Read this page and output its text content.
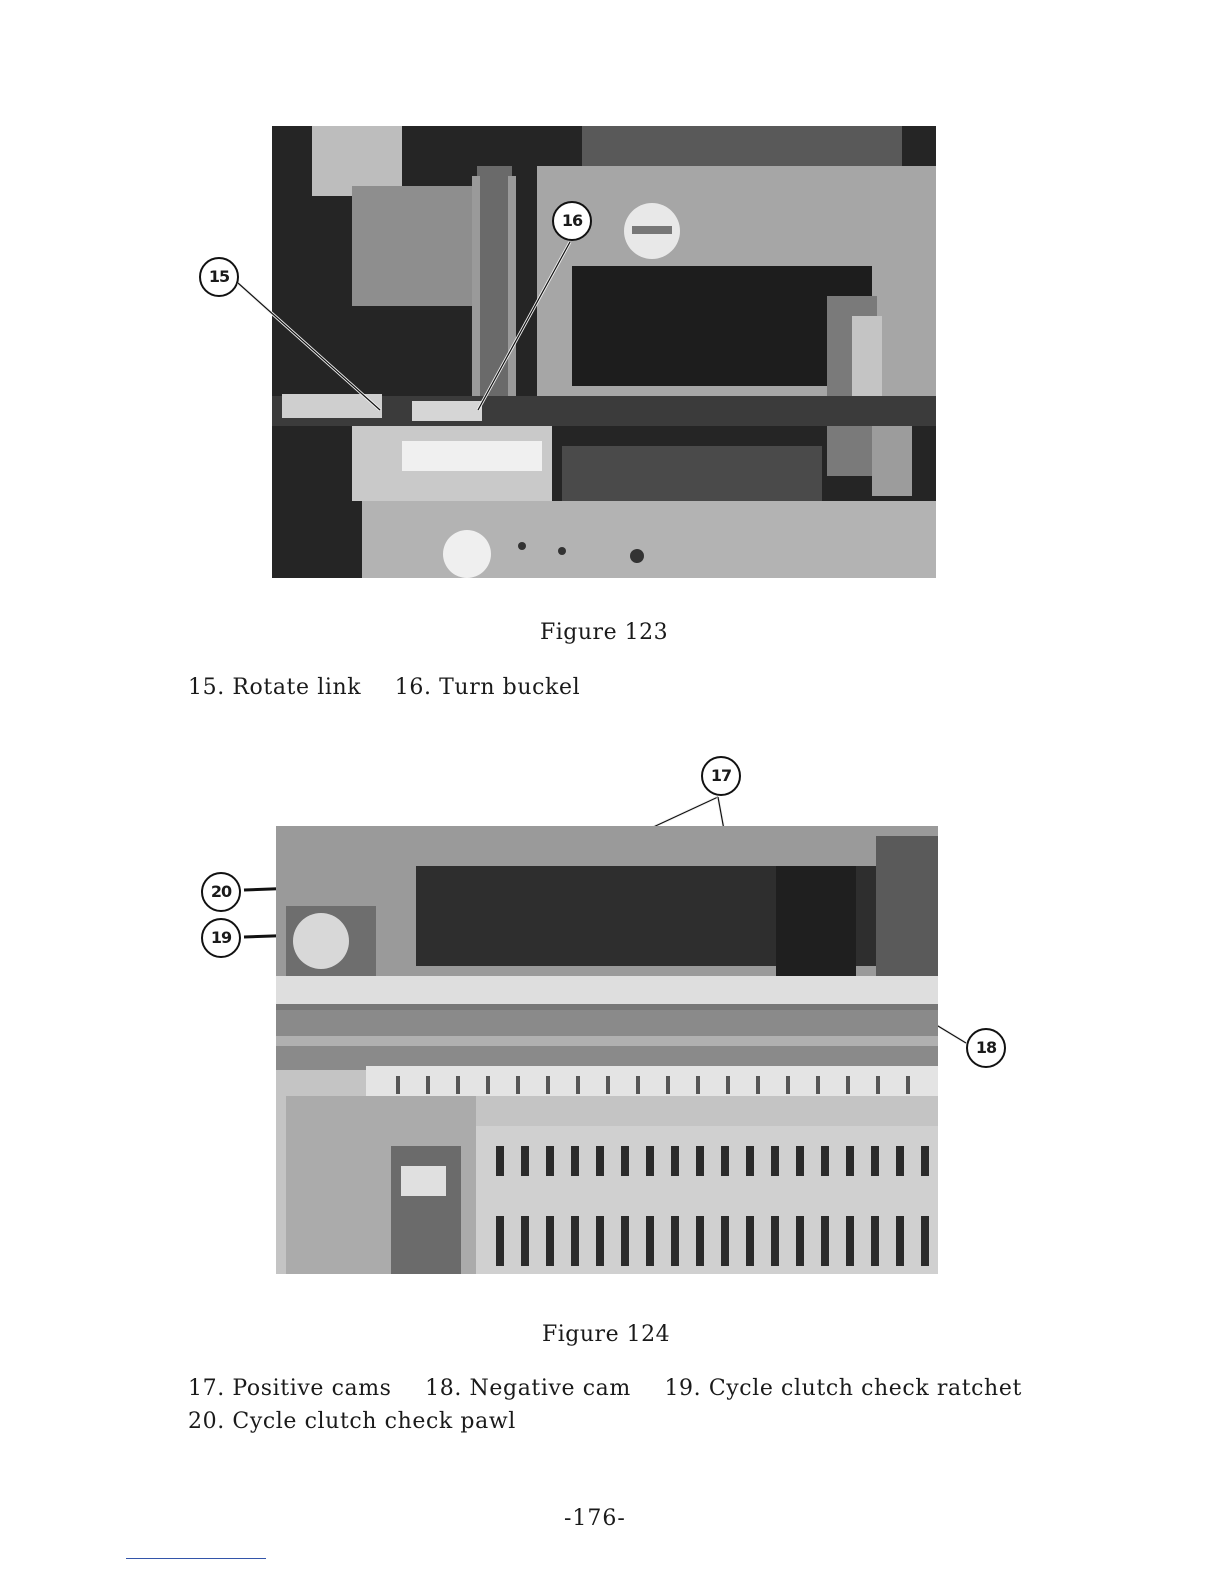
15
16
Figure 123
15. Rotate link 16. Turn buckel
17
20
19
18
Figure 124
17. Positive cams 18. Negative cam 19. Cycle clutch check ratchet
20. Cycle clutch check pawl
-176-
